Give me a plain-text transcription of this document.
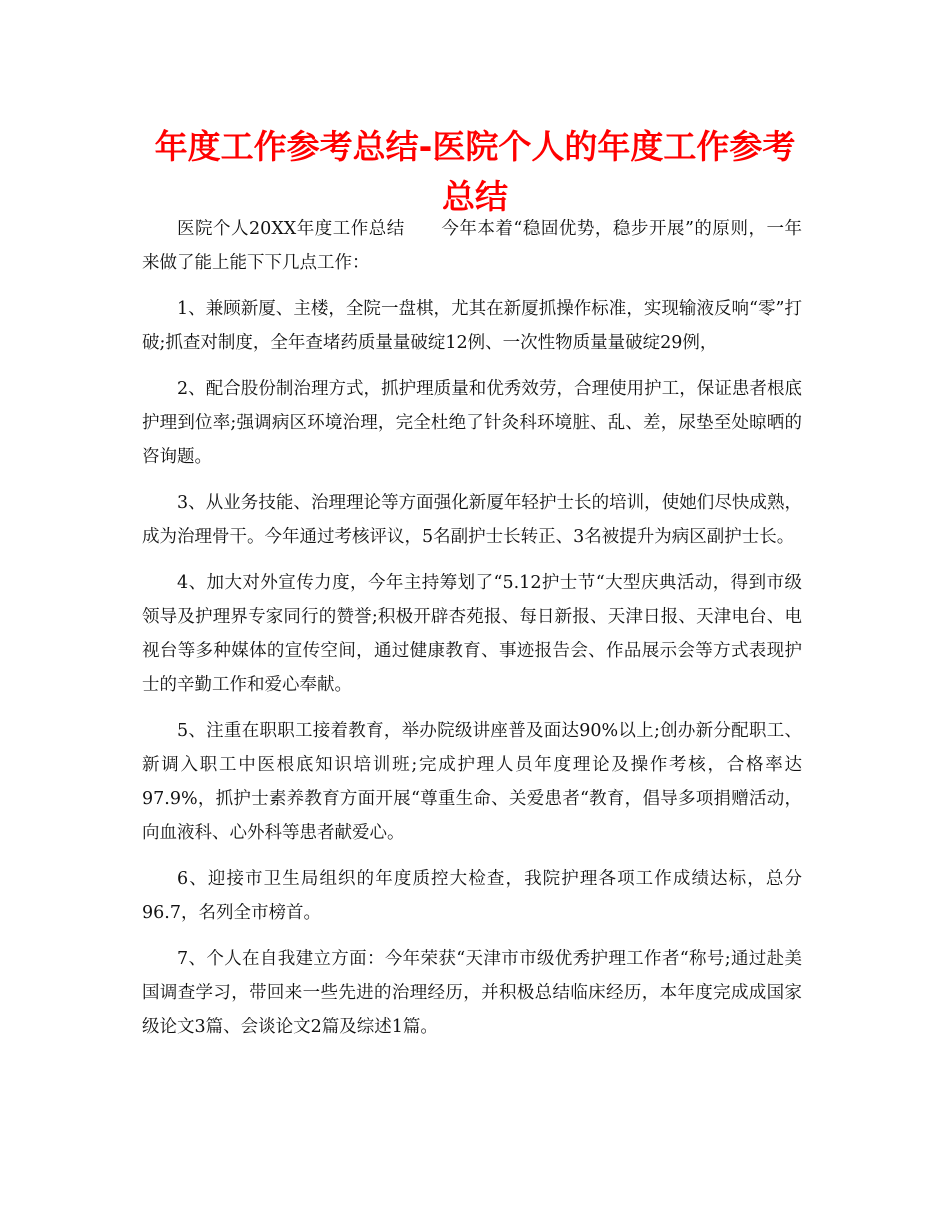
年度工作参考总结-医院个人的年度工作参考总结

医院个人20XX年度工作总结 今年本着“稳固优势，稳步开展”的原则，一年来做了能上能下下几点工作：

1、兼顾新厦、主楼，全院一盘棋，尤其在新厦抓操作标准，实现输液反响“零”打破;抓查对制度，全年查堵药质量量破绽12例、一次性物质量量破绽29例，

2、配合股份制治理方式，抓护理质量和优秀效劳，合理使用护工，保证患者根底护理到位率;强调病区环境治理，完全杜绝了针灸科环境脏、乱、差，尿垫至处晾晒的咨询题。

3、从业务技能、治理理论等方面强化新厦年轻护士长的培训，使她们尽快成熟，成为治理骨干。今年通过考核评议，5名副护士长转正、3名被提升为病区副护士长。

4、加大对外宣传力度，今年主持筹划了“5.12护士节“大型庆典活动，得到市级领导及护理界专家同行的赞誉;积极开辟杏苑报、每日新报、天津日报、天津电台、电视台等多种媒体的宣传空间，通过健康教育、事迹报告会、作品展示会等方式表现护士的辛勤工作和爱心奉献。

5、注重在职职工接着教育，举办院级讲座普及面达90%以上;创办新分配职工、新调入职工中医根底知识培训班;完成护理人员年度理论及操作考核，合格率达97.9%，抓护士素养教育方面开展“尊重生命、关爱患者“教育，倡导多项捐赠活动，向血液科、心外科等患者献爱心。

6、迎接市卫生局组织的年度质控大检查，我院护理各项工作成绩达标，总分96.7，名列全市榜首。

7、个人在自我建立方面：今年荣获“天津市市级优秀护理工作者“称号;通过赴美国调查学习，带回来一些先进的治理经历，并积极总结临床经历，本年度完成成国家级论文3篇、会谈论文2篇及综述1篇。
